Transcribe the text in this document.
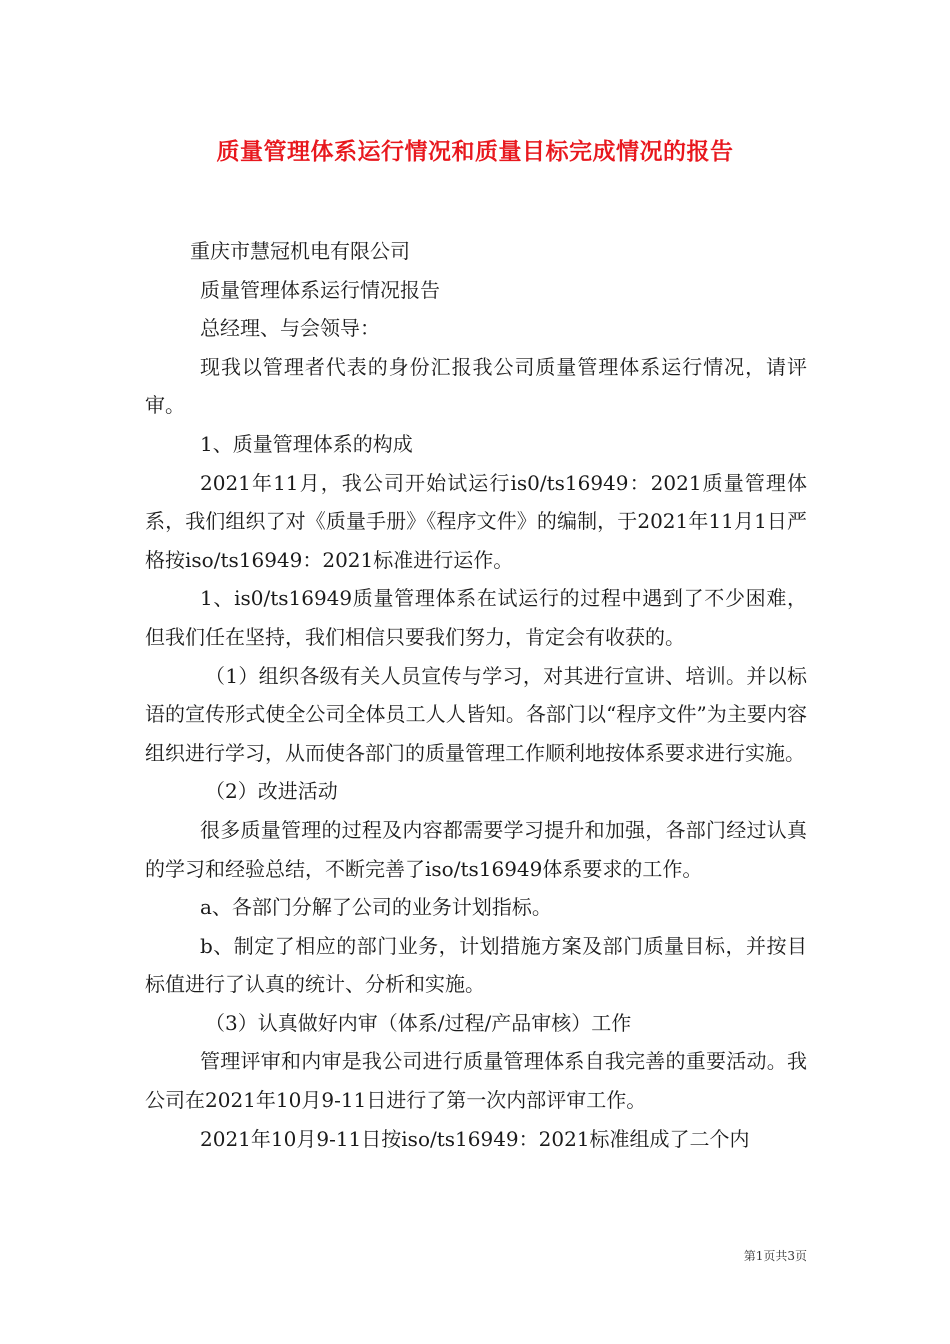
质量管理体系运行情况和质量目标完成情况的报告

重庆市慧冠机电有限公司

质量管理体系运行情况报告

总经理、与会领导：

现我以管理者代表的身份汇报我公司质量管理体系运行情况，请评审。

1、质量管理体系的构成

2021年11月，我公司开始试运行is0/ts16949：2021质量管理体系，我们组织了对《质量手册》《程序文件》的编制，于2021年11月1日严格按iso/ts16949：2021标准进行运作。

1、is0/ts16949质量管理体系在试运行的过程中遇到了不少困难，但我们任在坚持，我们相信只要我们努力，肯定会有收获的。

（1）组织各级有关人员宣传与学习，对其进行宣讲、培训。并以标语的宣传形式使全公司全体员工人人皆知。各部门以“程序文件”为主要内容组织进行学习，从而使各部门的质量管理工作顺利地按体系要求进行实施。

（2）改进活动

很多质量管理的过程及内容都需要学习提升和加强，各部门经过认真的学习和经验总结，不断完善了iso/ts16949体系要求的工作。

a、各部门分解了公司的业务计划指标。

b、制定了相应的部门业务，计划措施方案及部门质量目标，并按目标值进行了认真的统计、分析和实施。

（3）认真做好内审（体系/过程/产品审核）工作

管理评审和内审是我公司进行质量管理体系自我完善的重要活动。我公司在2021年10月9-11日进行了第一次内部评审工作。

2021年10月9-11日按iso/ts16949：2021标准组成了二个内

第1页共3页
